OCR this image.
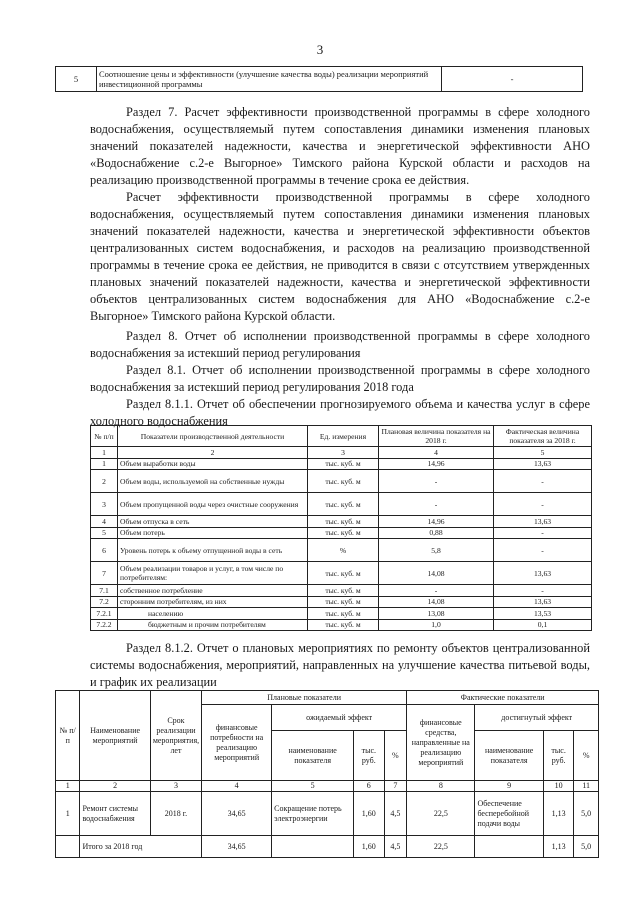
3
5	Соотношение цены и эффективности (улучшение качества воды) реализации мероприятий инвестиционной программы	-

Раздел 7. Расчет эффективности производственной программы в сфере холодного водоснабжения, осуществляемый путем сопоставления динамики изменения плановых значений показателей надежности, качества и энергетической эффективности АНО «Водоснабжение с.2-е Выгорное» Тимского района Курской области и расходов на реализацию производственной программы в течение срока ее действия.

Расчет эффективности производственной программы в сфере холодного водоснабжения, осуществляемый путем сопоставления динамики изменения плановых значений показателей надежности, качества и энергетической эффективности объектов централизованных систем водоснабжения, и расходов на реализацию производственной программы в течение срока ее действия, не приводится в связи с отсутствием утвержденных плановых значений показателей надежности, качества и энергетической эффективности объектов централизованных систем водоснабжения для АНО «Водоснабжение с.2-е Выгорное» Тимского района Курской области.

Раздел 8. Отчет об исполнении производственной программы в сфере холодного водоснабжения за истекший период регулирования

Раздел 8.1. Отчет об исполнении производственной программы в сфере холодного водоснабжения за истекший период регулирования 2018 года

Раздел 8.1.1. Отчет об обеспечении прогнозируемого объема и качества услуг в сфере холодного водоснабжения

№ п/п	Показатели производственной деятельности	Ед. измерения	Плановая величина показателя на 2018 г.	Фактическая величина показателя за 2018 г.
1	2	3	4	5
1	Объем выработки воды	тыс. куб. м	14,96	13,63
2	Объем воды, используемой на собственные нужды	тыс. куб. м	-	-
3	Объем пропущенной воды через очистные сооружения	тыс. куб. м	-	-
4	Объем отпуска в сеть	тыс. куб. м	14,96	13,63
5	Объем потерь	тыс. куб. м	0,88	-
6	Уровень потерь к объему отпущенной воды в сеть	%	5,8	-
7	Объем реализации товаров и услуг, в том числе по потребителям:	тыс. куб. м	14,08	13,63
7.1	собственное потребление	тыс. куб. м	-	-
7.2	сторонним потребителям, из них	тыс. куб. м	14,08	13,63
7.2.1	населению	тыс. куб. м	13,08	13,53
7.2.2	бюджетным и прочим потребителям	тыс. куб. м	1,0	0,1

Раздел 8.1.2. Отчет о плановых мероприятиях по ремонту объектов централизованной системы водоснабжения, мероприятий, направленных на улучшение качества питьевой воды, и график их реализации

№ п/п	Наименование мероприятий	Срок реализации мероприятия, лет	Плановые показатели				Фактические показатели			
			финансовые потребности на реализацию мероприятий	ожидаемый эффект			финансовые средства, направленные на реализацию мероприятий	достигнутый эффект		
				наименование показателя	тыс. руб.	%		наименование показателя	тыс. руб.	%
1	2	3	4	5	6	7	8	9	10	11
1	Ремонт системы водоснабжения	2018 г.	34,65	Сокращение потерь электроэнергии	1,60	4,5	22,5	Обеспечение бесперебойной подачи воды	1,13	5,0
	Итого за 2018 год		34,65		1,60	4,5	22,5		1,13	5,0
